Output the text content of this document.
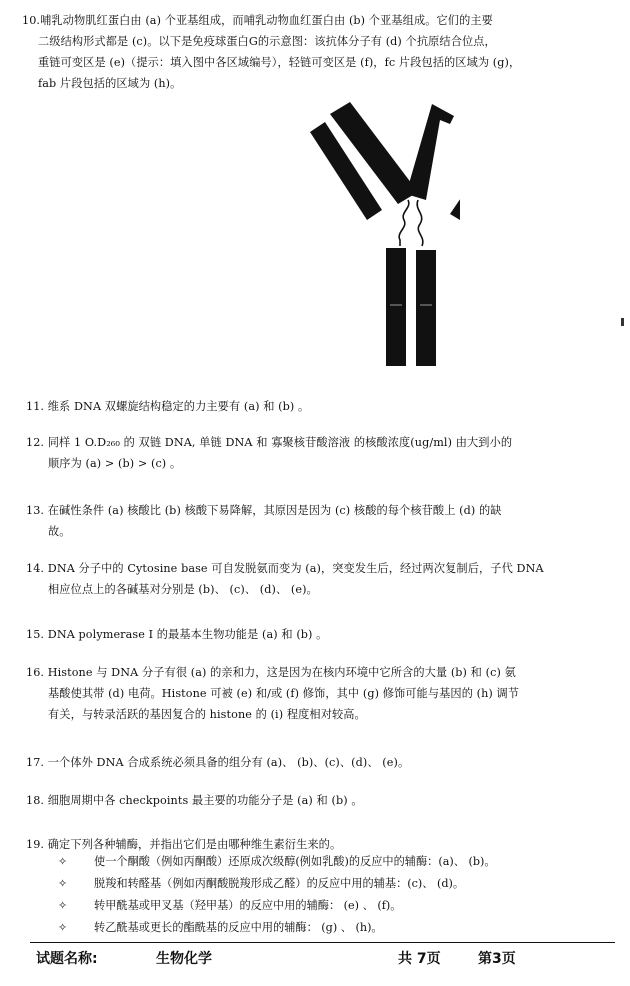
10.哺乳动物肌红蛋白由 (a) 个亚基组成，而哺乳动物血红蛋白由 (b) 个亚基组成。它们的主要
二级结构形式都是 (c)。以下是免疫球蛋白G的示意图：该抗体分子有 (d) 个抗原结合位点，
重链可变区是 (e)（提示：填入图中各区域编号），轻链可变区是 (f)，fc 片段包括的区域为 (g)，
fab 片段包括的区域为 (h)。
11. 维系 DNA 双螺旋结构稳定的力主要有 (a) 和 (b) 。
12. 同样 1 O.D₂₆₀ 的 双链 DNA, 单链 DNA 和 寡聚核苷酸溶液 的核酸浓度(ug/ml) 由大到小的
顺序为 (a) > (b) > (c) 。
13. 在碱性条件 (a) 核酸比 (b) 核酸下易降解，其原因是因为 (c) 核酸的每个核苷酸上 (d) 的缺
故。
14. DNA 分子中的 Cytosine base 可自发脱氨而变为 (a)，突变发生后，经过两次复制后，子代 DNA
相应位点上的各碱基对分别是 (b)、 (c)、 (d)、 (e)。
15. DNA polymerase I 的最基本生物功能是 (a) 和 (b) 。
16. Histone 与 DNA 分子有很 (a) 的亲和力，这是因为在核内环境中它所含的大量 (b) 和 (c) 氨
基酸使其带 (d) 电荷。Histone 可被 (e) 和/或 (f) 修饰，其中 (g) 修饰可能与基因的 (h) 调节
有关，与转录活跃的基因复合的 histone 的 (i) 程度相对较高。
17. 一个体外 DNA 合成系统必须具备的组分有 (a)、 (b)、(c)、(d)、 (e)。
18. 细胞周期中各 checkpoints 最主要的功能分子是 (a) 和 (b) 。
19. 确定下列各种辅酶，并指出它们是由哪种维生素衍生来的。
✧ 使一个酮酸（例如丙酮酸）还原成次级醇(例如乳酸)的反应中的辅酶：(a)、 (b)。
✧ 脱羧和转醛基（例如丙酮酸脱羧形成乙醛）的反应中用的辅基：(c)、 (d)。
✧ 转甲酰基或甲叉基（羟甲基）的反应中用的辅酶： (e) 、 (f)。
✧ 转乙酰基或更长的酯酰基的反应中用的辅酶： (g) 、 (h)。
试题名称:	生物化学	共 7页	第3页
